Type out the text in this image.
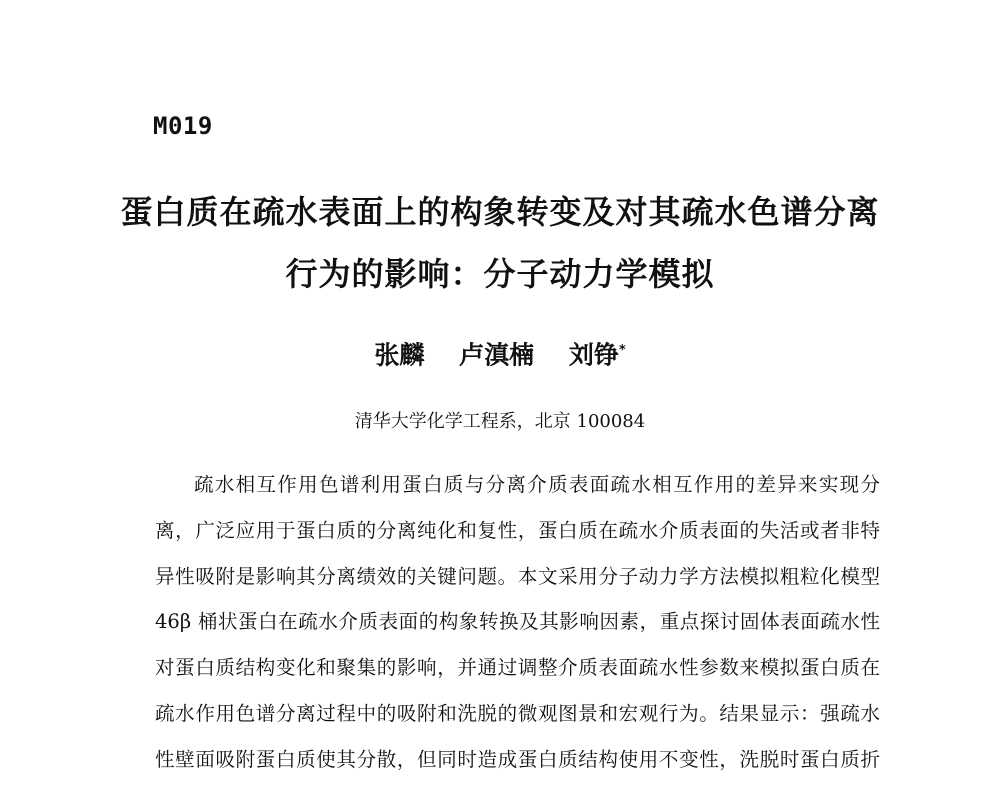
M019
蛋白质在疏水表面上的构象转变及对其疏水色谱分离
行为的影响：分子动力学模拟
张麟 卢滇楠 刘铮*
清华大学化学工程系，北京 100084
疏水相互作用色谱利用蛋白质与分离介质表面疏水相互作用的差异来实现分
离，广泛应用于蛋白质的分离纯化和复性，蛋白质在疏水介质表面的失活或者非特
异性吸附是影响其分离绩效的关键问题。本文采用分子动力学方法模拟粗粒化模型
46β 桶状蛋白在疏水介质表面的构象转换及其影响因素，重点探讨固体表面疏水性
对蛋白质结构变化和聚集的影响，并通过调整介质表面疏水性参数来模拟蛋白质在
疏水作用色谱分离过程中的吸附和洗脱的微观图景和宏观行为。结果显示：强疏水
性壁面吸附蛋白质使其分散，但同时造成蛋白质结构使用不变性，洗脱时蛋白质折
